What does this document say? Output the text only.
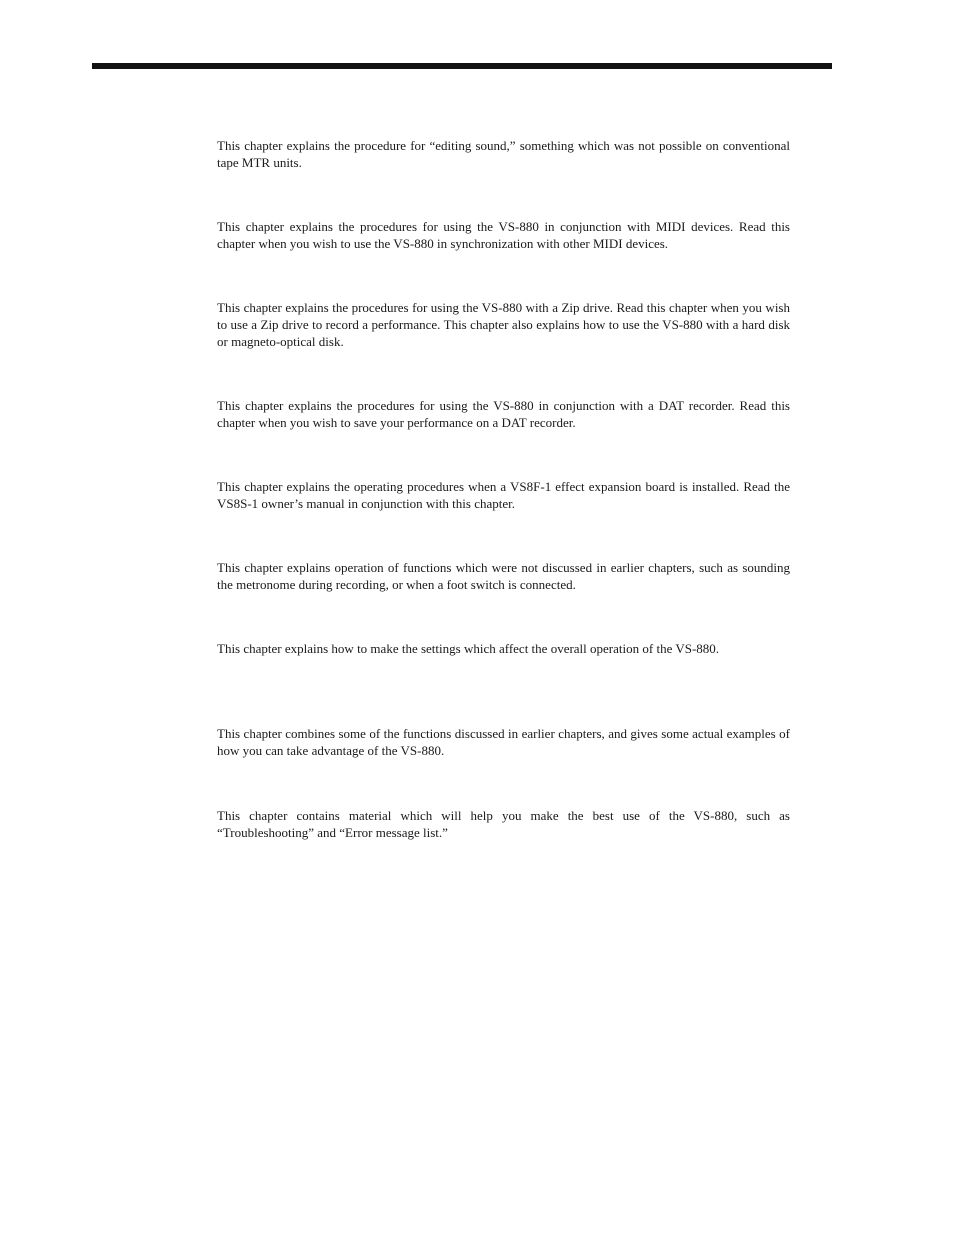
This chapter explains the procedure for “editing sound,” something which was not possible on conventional tape MTR units.

This chapter explains the procedures for using the VS-880 in conjunction with MIDI devices. Read this chapter when you wish to use the VS-880 in synchronization with other MIDI devices.

This chapter explains the procedures for using the VS-880 with a Zip drive. Read this chapter when you wish to use a Zip drive to record a performance. This chapter also explains how to use the VS-880 with a hard disk or magneto-optical disk.

This chapter explains the procedures for using the VS-880 in conjunction with a DAT recorder. Read this chapter when you wish to save your performance on a DAT recorder.

This chapter explains the operating procedures when a VS8F-1 effect expansion board is installed. Read the VS8S-1 owner’s manual in conjunction with this chapter.

This chapter explains operation of functions which were not discussed in earlier chapters, such as sounding the metronome during recording, or when a foot switch is connected.

This chapter explains how to make the settings which affect the overall operation of the VS-880.

This chapter combines some of the functions discussed in earlier chapters, and gives some actual examples of how you can take advantage of the VS-880.

This chapter contains material which will help you make the best use of the VS-880, such as “Troubleshooting” and “Error message list.”
